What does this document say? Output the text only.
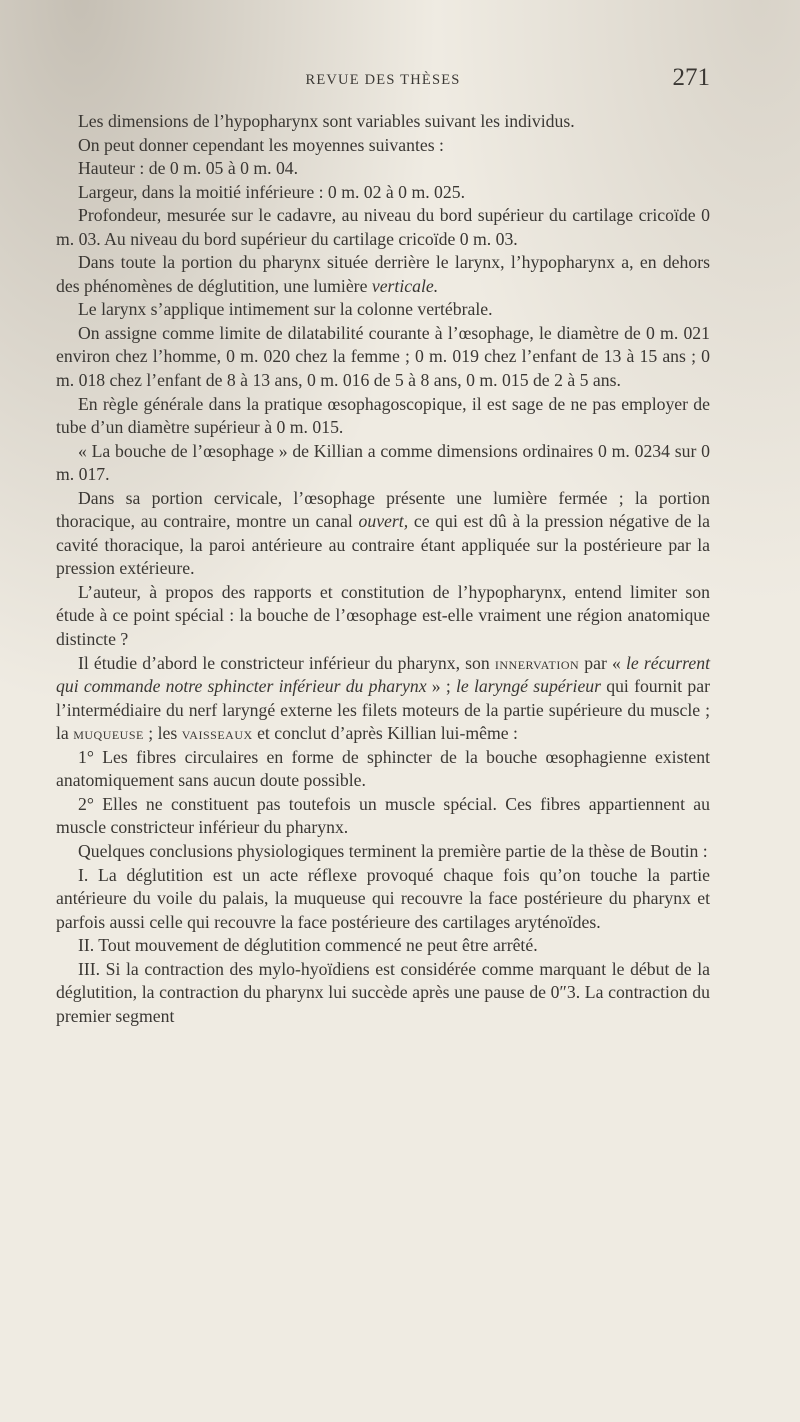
REVUE DES THÈSES	271

Les dimensions de l’hypopharynx sont variables suivant les individus.

On peut donner cependant les moyennes suivantes :

Hauteur : de 0 m. 05 à 0 m. 04.

Largeur, dans la moitié inférieure : 0 m. 02 à 0 m. 025.

Profondeur, mesurée sur le cadavre, au niveau du bord supérieur du cartilage cricoïde 0 m. 03. Au niveau du bord supérieur du cartilage cricoïde 0 m. 03.

Dans toute la portion du pharynx située derrière le larynx, l’hypopharynx a, en dehors des phénomènes de déglutition, une lumière verticale.

Le larynx s’applique intimement sur la colonne vertébrale.

On assigne comme limite de dilatabilité courante à l’œsophage, le diamètre de 0 m. 021 environ chez l’homme, 0 m. 020 chez la femme ; 0 m. 019 chez l’enfant de 13 à 15 ans ; 0 m. 018 chez l’enfant de 8 à 13 ans, 0 m. 016 de 5 à 8 ans, 0 m. 015 de 2 à 5 ans.

En règle générale dans la pratique œsophagoscopique, il est sage de ne pas employer de tube d’un diamètre supérieur à 0 m. 015.

« La bouche de l’œsophage » de Killian a comme dimensions ordinaires 0 m. 0234 sur 0 m. 017.

Dans sa portion cervicale, l’œsophage présente une lumière fermée ; la portion thoracique, au contraire, montre un canal ouvert, ce qui est dû à la pression négative de la cavité thoracique, la paroi antérieure au contraire étant appliquée sur la postérieure par la pression extérieure.

L’auteur, à propos des rapports et constitution de l’hypopharynx, entend limiter son étude à ce point spécial : la bouche de l’œsophage est-elle vraiment une région anatomique distincte ?

Il étudie d’abord le constricteur inférieur du pharynx, son innervation par « le récurrent qui commande notre sphincter inférieur du pharynx » ; le laryngé supérieur qui fournit par l’intermédiaire du nerf laryngé externe les filets moteurs de la partie supérieure du muscle ; la muqueuse ; les vaisseaux et conclut d’après Killian lui-même :

1° Les fibres circulaires en forme de sphincter de la bouche œsophagienne existent anatomiquement sans aucun doute possible.

2° Elles ne constituent pas toutefois un muscle spécial. Ces fibres appartiennent au muscle constricteur inférieur du pharynx.

Quelques conclusions physiologiques terminent la première partie de la thèse de Boutin :

I. La déglutition est un acte réflexe provoqué chaque fois qu’on touche la partie antérieure du voile du palais, la muqueuse qui recouvre la face postérieure du pharynx et parfois aussi celle qui recouvre la face postérieure des cartilages aryténoïdes.

II. Tout mouvement de déglutition commencé ne peut être arrêté.

III. Si la contraction des mylo-hyoïdiens est considérée comme marquant le début de la déglutition, la contraction du pharynx lui succède après une pause de 0″3. La contraction du premier segment
